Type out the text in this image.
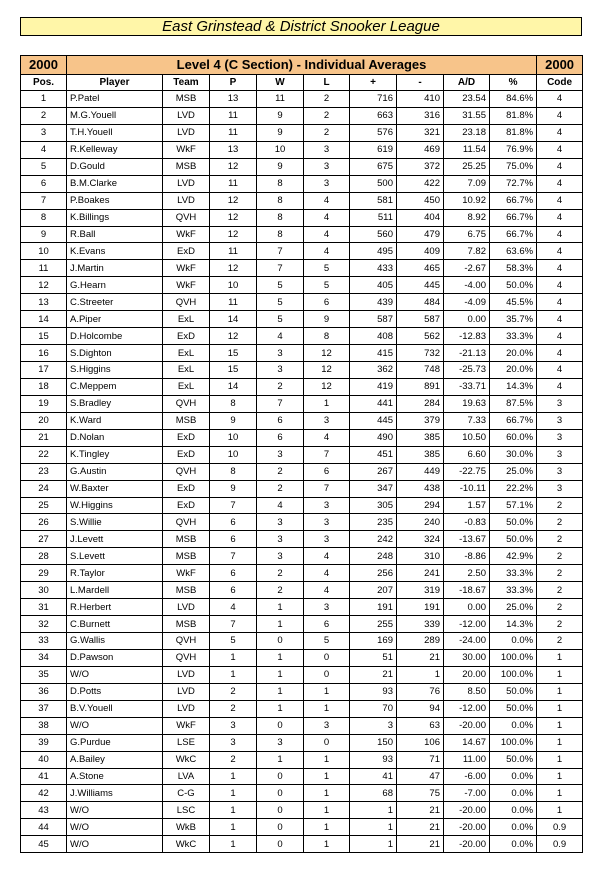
East Grinstead & District Snooker League
2000	Level 4 (C Section) - Individual Averages									2000
Pos.	Player	Team	P	W	L	+	-	A/D	%	Code
1	P.Patel	MSB	13	11	2	716	410	23.54	84.6%	4
2	M.G.Youell	LVD	11	9	2	663	316	31.55	81.8%	4
3	T.H.Youell	LVD	11	9	2	576	321	23.18	81.8%	4
4	R.Kelleway	WkF	13	10	3	619	469	11.54	76.9%	4
5	D.Gould	MSB	12	9	3	675	372	25.25	75.0%	4
6	B.M.Clarke	LVD	11	8	3	500	422	7.09	72.7%	4
7	P.Boakes	LVD	12	8	4	581	450	10.92	66.7%	4
8	K.Billings	QVH	12	8	4	511	404	8.92	66.7%	4
9	R.Ball	WkF	12	8	4	560	479	6.75	66.7%	4
10	K.Evans	ExD	11	7	4	495	409	7.82	63.6%	4
11	J.Martin	WkF	12	7	5	433	465	-2.67	58.3%	4
12	G.Hearn	WkF	10	5	5	405	445	-4.00	50.0%	4
13	C.Streeter	QVH	11	5	6	439	484	-4.09	45.5%	4
14	A.Piper	ExL	14	5	9	587	587	0.00	35.7%	4
15	D.Holcombe	ExD	12	4	8	408	562	-12.83	33.3%	4
16	S.Dighton	ExL	15	3	12	415	732	-21.13	20.0%	4
17	S.Higgins	ExL	15	3	12	362	748	-25.73	20.0%	4
18	C.Meppem	ExL	14	2	12	419	891	-33.71	14.3%	4
19	S.Bradley	QVH	8	7	1	441	284	19.63	87.5%	3
20	K.Ward	MSB	9	6	3	445	379	7.33	66.7%	3
21	D.Nolan	ExD	10	6	4	490	385	10.50	60.0%	3
22	K.Tingley	ExD	10	3	7	451	385	6.60	30.0%	3
23	G.Austin	QVH	8	2	6	267	449	-22.75	25.0%	3
24	W.Baxter	ExD	9	2	7	347	438	-10.11	22.2%	3
25	W.Higgins	ExD	7	4	3	305	294	1.57	57.1%	2
26	S.Willie	QVH	6	3	3	235	240	-0.83	50.0%	2
27	J.Levett	MSB	6	3	3	242	324	-13.67	50.0%	2
28	S.Levett	MSB	7	3	4	248	310	-8.86	42.9%	2
29	R.Taylor	WkF	6	2	4	256	241	2.50	33.3%	2
30	L.Mardell	MSB	6	2	4	207	319	-18.67	33.3%	2
31	R.Herbert	LVD	4	1	3	191	191	0.00	25.0%	2
32	C.Burnett	MSB	7	1	6	255	339	-12.00	14.3%	2
33	G.Wallis	QVH	5	0	5	169	289	-24.00	0.0%	2
34	D.Pawson	QVH	1	1	0	51	21	30.00	100.0%	1
35	W/O	LVD	1	1	0	21	1	20.00	100.0%	1
36	D.Potts	LVD	2	1	1	93	76	8.50	50.0%	1
37	B.V.Youell	LVD	2	1	1	70	94	-12.00	50.0%	1
38	W/O	WkF	3	0	3	3	63	-20.00	0.0%	1
39	G.Purdue	LSE	3	3	0	150	106	14.67	100.0%	1
40	A.Bailey	WkC	2	1	1	93	71	11.00	50.0%	1
41	A.Stone	LVA	1	0	1	41	47	-6.00	0.0%	1
42	J.Williams	C-G	1	0	1	68	75	-7.00	0.0%	1
43	W/O	LSC	1	0	1	1	21	-20.00	0.0%	1
44	W/O	WkB	1	0	1	1	21	-20.00	0.0%	0.9
45	W/O	WkC	1	0	1	1	21	-20.00	0.0%	0.9
